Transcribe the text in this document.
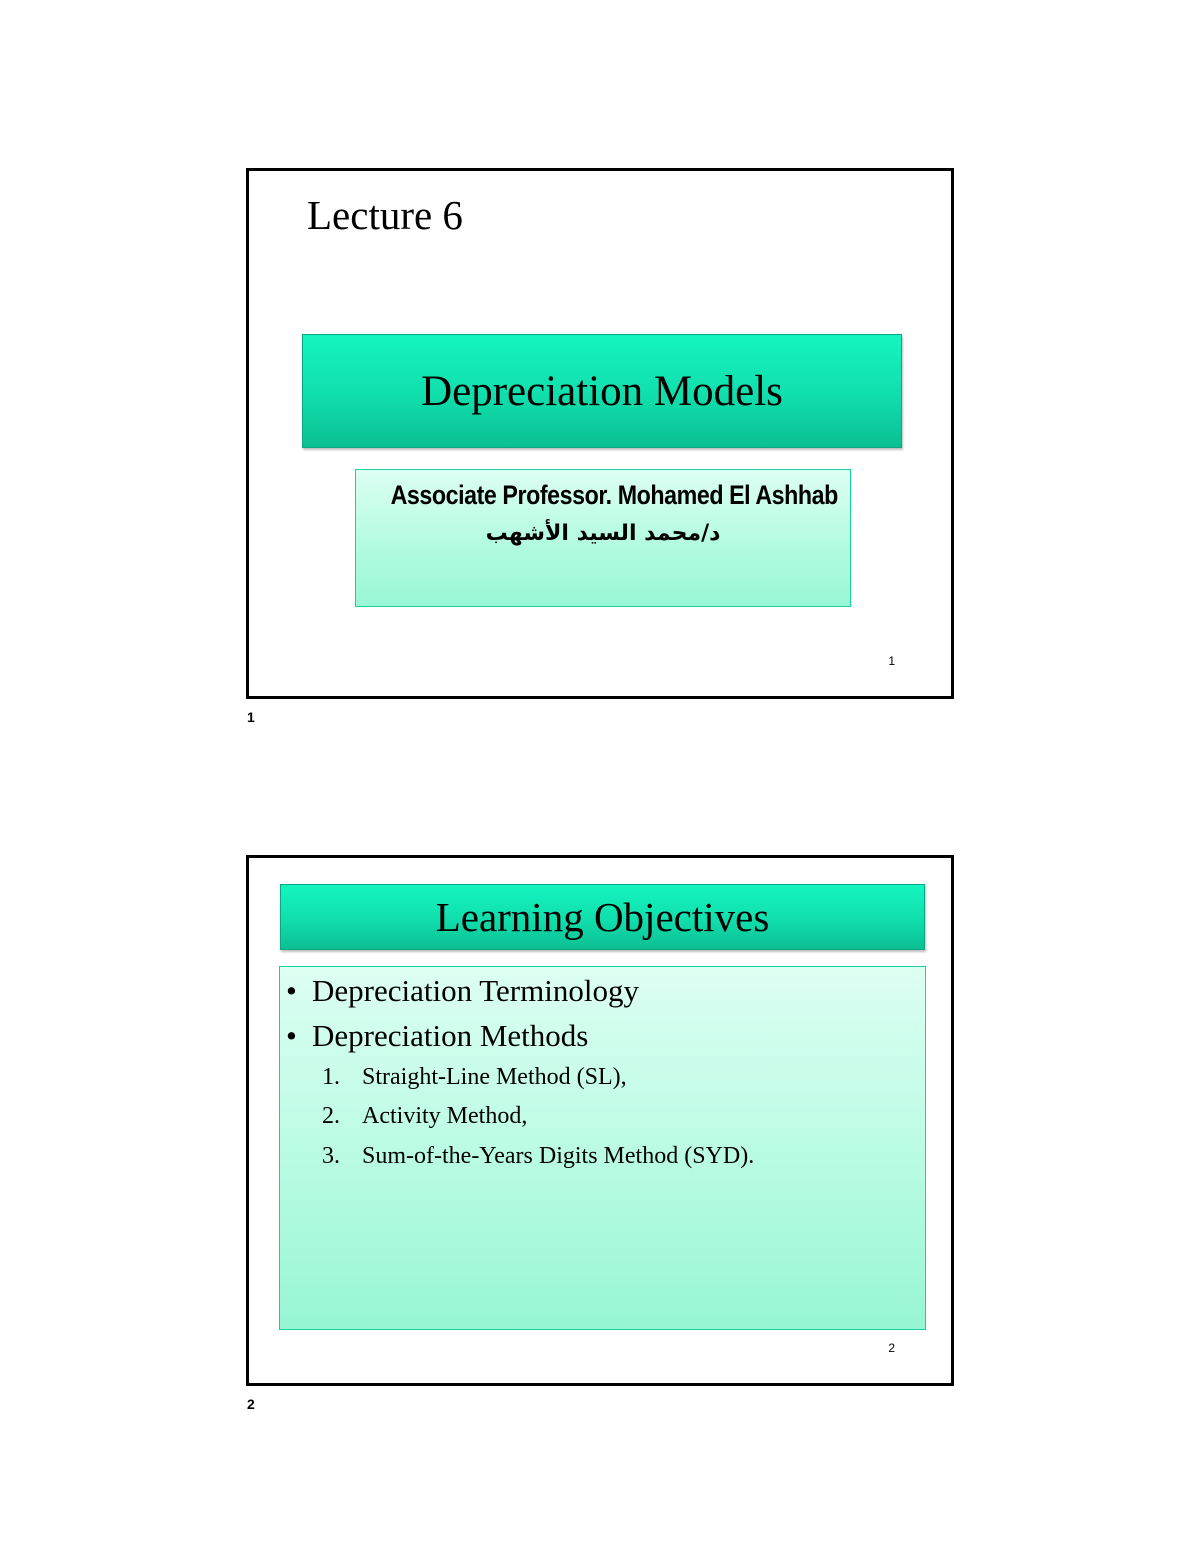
Lecture 6
Depreciation Models
Associate Professor. Mohamed El Ashhab
د/محمد السيد الأشهب
1
1
Learning Objectives
• Depreciation Terminology
• Depreciation Methods
1. Straight-Line Method (SL),
2. Activity Method,
3. Sum-of-the-Years Digits Method (SYD).
2
2
